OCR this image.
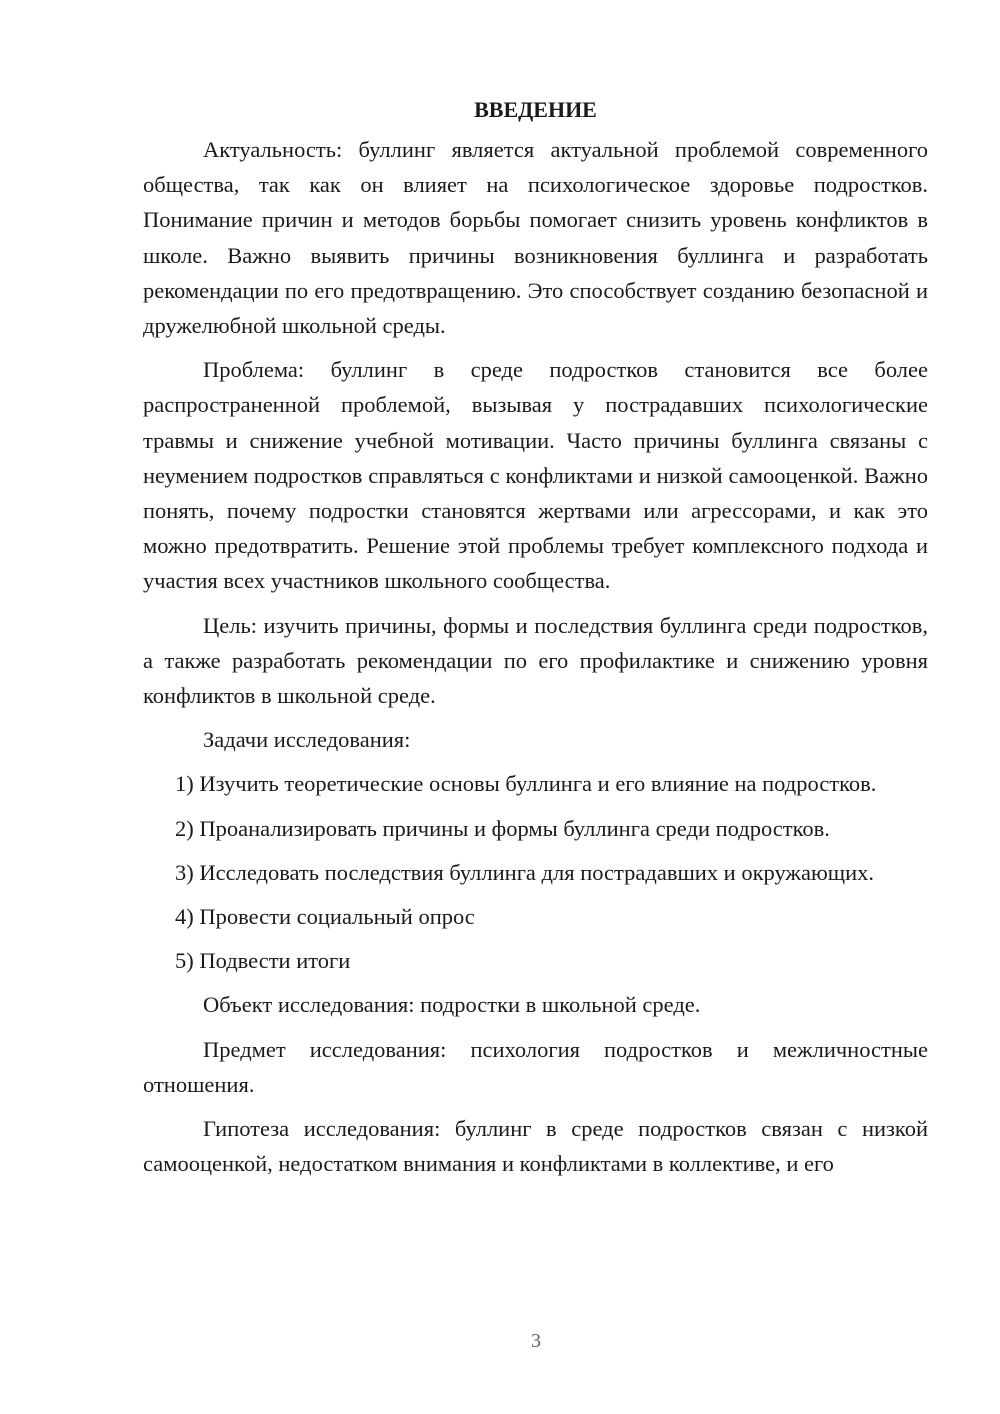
ВВЕДЕНИЕ

Актуальность: буллинг является актуальной проблемой современного общества, так как он влияет на психологическое здоровье подростков. Понимание причин и методов борьбы помогает снизить уровень конфликтов в школе. Важно выявить причины возникновения буллинга и разработать рекомендации по его предотвращению. Это способствует созданию безопасной и дружелюбной школьной среды.

Проблема: буллинг в среде подростков становится все более распространенной проблемой, вызывая у пострадавших психологические травмы и снижение учебной мотивации. Часто причины буллинга связаны с неумением подростков справляться с конфликтами и низкой самооценкой. Важно понять, почему подростки становятся жертвами или агрессорами, и как это можно предотвратить. Решение этой проблемы требует комплексного подхода и участия всех участников школьного сообщества.

Цель: изучить причины, формы и последствия буллинга среди подростков, а также разработать рекомендации по его профилактике и снижению уровня конфликтов в школьной среде.

Задачи исследования:

1) Изучить теоретические основы буллинга и его влияние на подростков.

2) Проанализировать причины и формы буллинга среди подростков.

3) Исследовать последствия буллинга для пострадавших и окружающих.

4) Провести социальный опрос

5) Подвести итоги

Объект исследования: подростки в школьной среде.

Предмет исследования: психология подростков и межличностные отношения.

Гипотеза исследования: буллинг в среде подростков связан с низкой самооценкой, недостатком внимания и конфликтами в коллективе, и его

3
